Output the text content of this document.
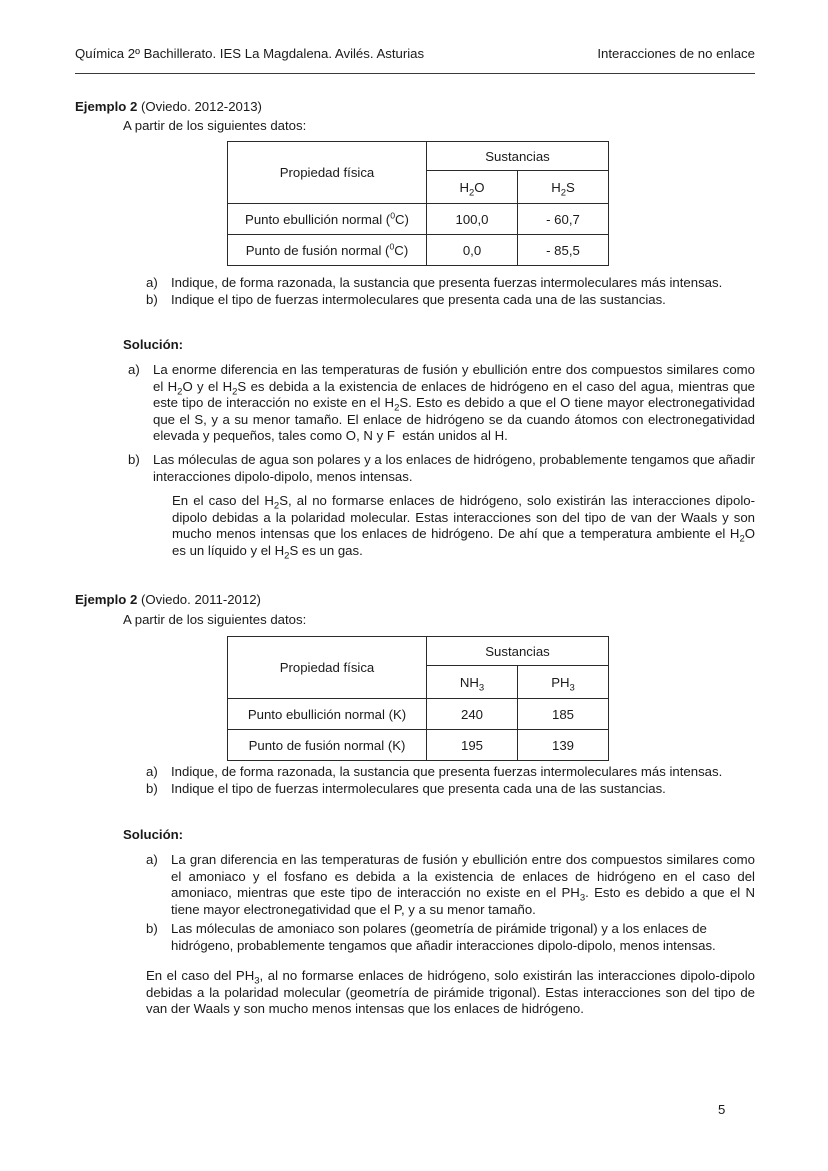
Química 2º Bachillerato. IES La Magdalena. Avilés. Asturias	Interacciones de no enlace
Ejemplo 2 (Oviedo. 2012-2013)
A partir de los siguientes datos:
Propiedad física	Sustancias	
	$H_2O$	$H_2S$
Punto ebullición normal ($^0$C)	100,0	- 60,7
Punto de fusión normal ($^0$C)	0,0	- 85,5
a) Indique, de forma razonada, la sustancia que presenta fuerzas intermoleculares más intensas.
b) Indique el tipo de fuerzas intermoleculares que presenta cada una de las sustancias.
Solución:
a) La enorme diferencia en las temperaturas de fusión y ebullición entre dos compuestos similares como el $H_2O$ y el $H_2S$ es debida a la existencia de enlaces de hidrógeno en el caso del agua, mientras que este tipo de interacción no existe en el $H_2S$. Esto es debido a que el O tiene mayor electronegatividad que el S, y a su menor tamaño. El enlace de hidrógeno se da cuando átomos con electronegatividad elevada y pequeños, tales como O, N y F  están unidos al H.
b) Las móleculas de agua son polares y a los enlaces de hidrógeno, probablemente tengamos que añadir interacciones dipolo-dipolo, menos intensas.
En el caso del $H_2S$, al no formarse enlaces de hidrógeno, solo existirán las interacciones dipolo-dipolo debidas a la polaridad molecular. Estas interacciones son del tipo de van der Waals y son mucho menos intensas que los enlaces de hidrógeno. De ahí que a temperatura ambiente el $H_2O$ es un líquido y el $H_2S$ es un gas.
Ejemplo 2 (Oviedo. 2011-2012)
A partir de los siguientes datos:
Propiedad física	Sustancias	
	$NH_3$	$PH_3$
Punto ebullición normal (K)	240	185
Punto de fusión normal (K)	195	139
a) Indique, de forma razonada, la sustancia que presenta fuerzas intermoleculares más intensas.
b) Indique el tipo de fuerzas intermoleculares que presenta cada una de las sustancias.
Solución:
a) La gran diferencia en las temperaturas de fusión y ebullición entre dos compuestos similares como el amoniaco y el fosfano es debida a la existencia de enlaces de hidrógeno en el caso del amoniaco, mientras que este tipo de interacción no existe en el $PH_3$. Esto es debido a que el N tiene mayor electronegatividad que el P, y a su menor tamaño.
b) Las móleculas de amoniaco son polares (geometría de pirámide trigonal) y a los enlaces de hidrógeno, probablemente tengamos que añadir interacciones dipolo-dipolo, menos intensas.
En el caso del $PH_3$, al no formarse enlaces de hidrógeno, solo existirán las interacciones dipolo-dipolo debidas a la polaridad molecular (geometría de pirámide trigonal). Estas interacciones son del tipo de van der Waals y son mucho menos intensas que los enlaces de hidrógeno.
5
